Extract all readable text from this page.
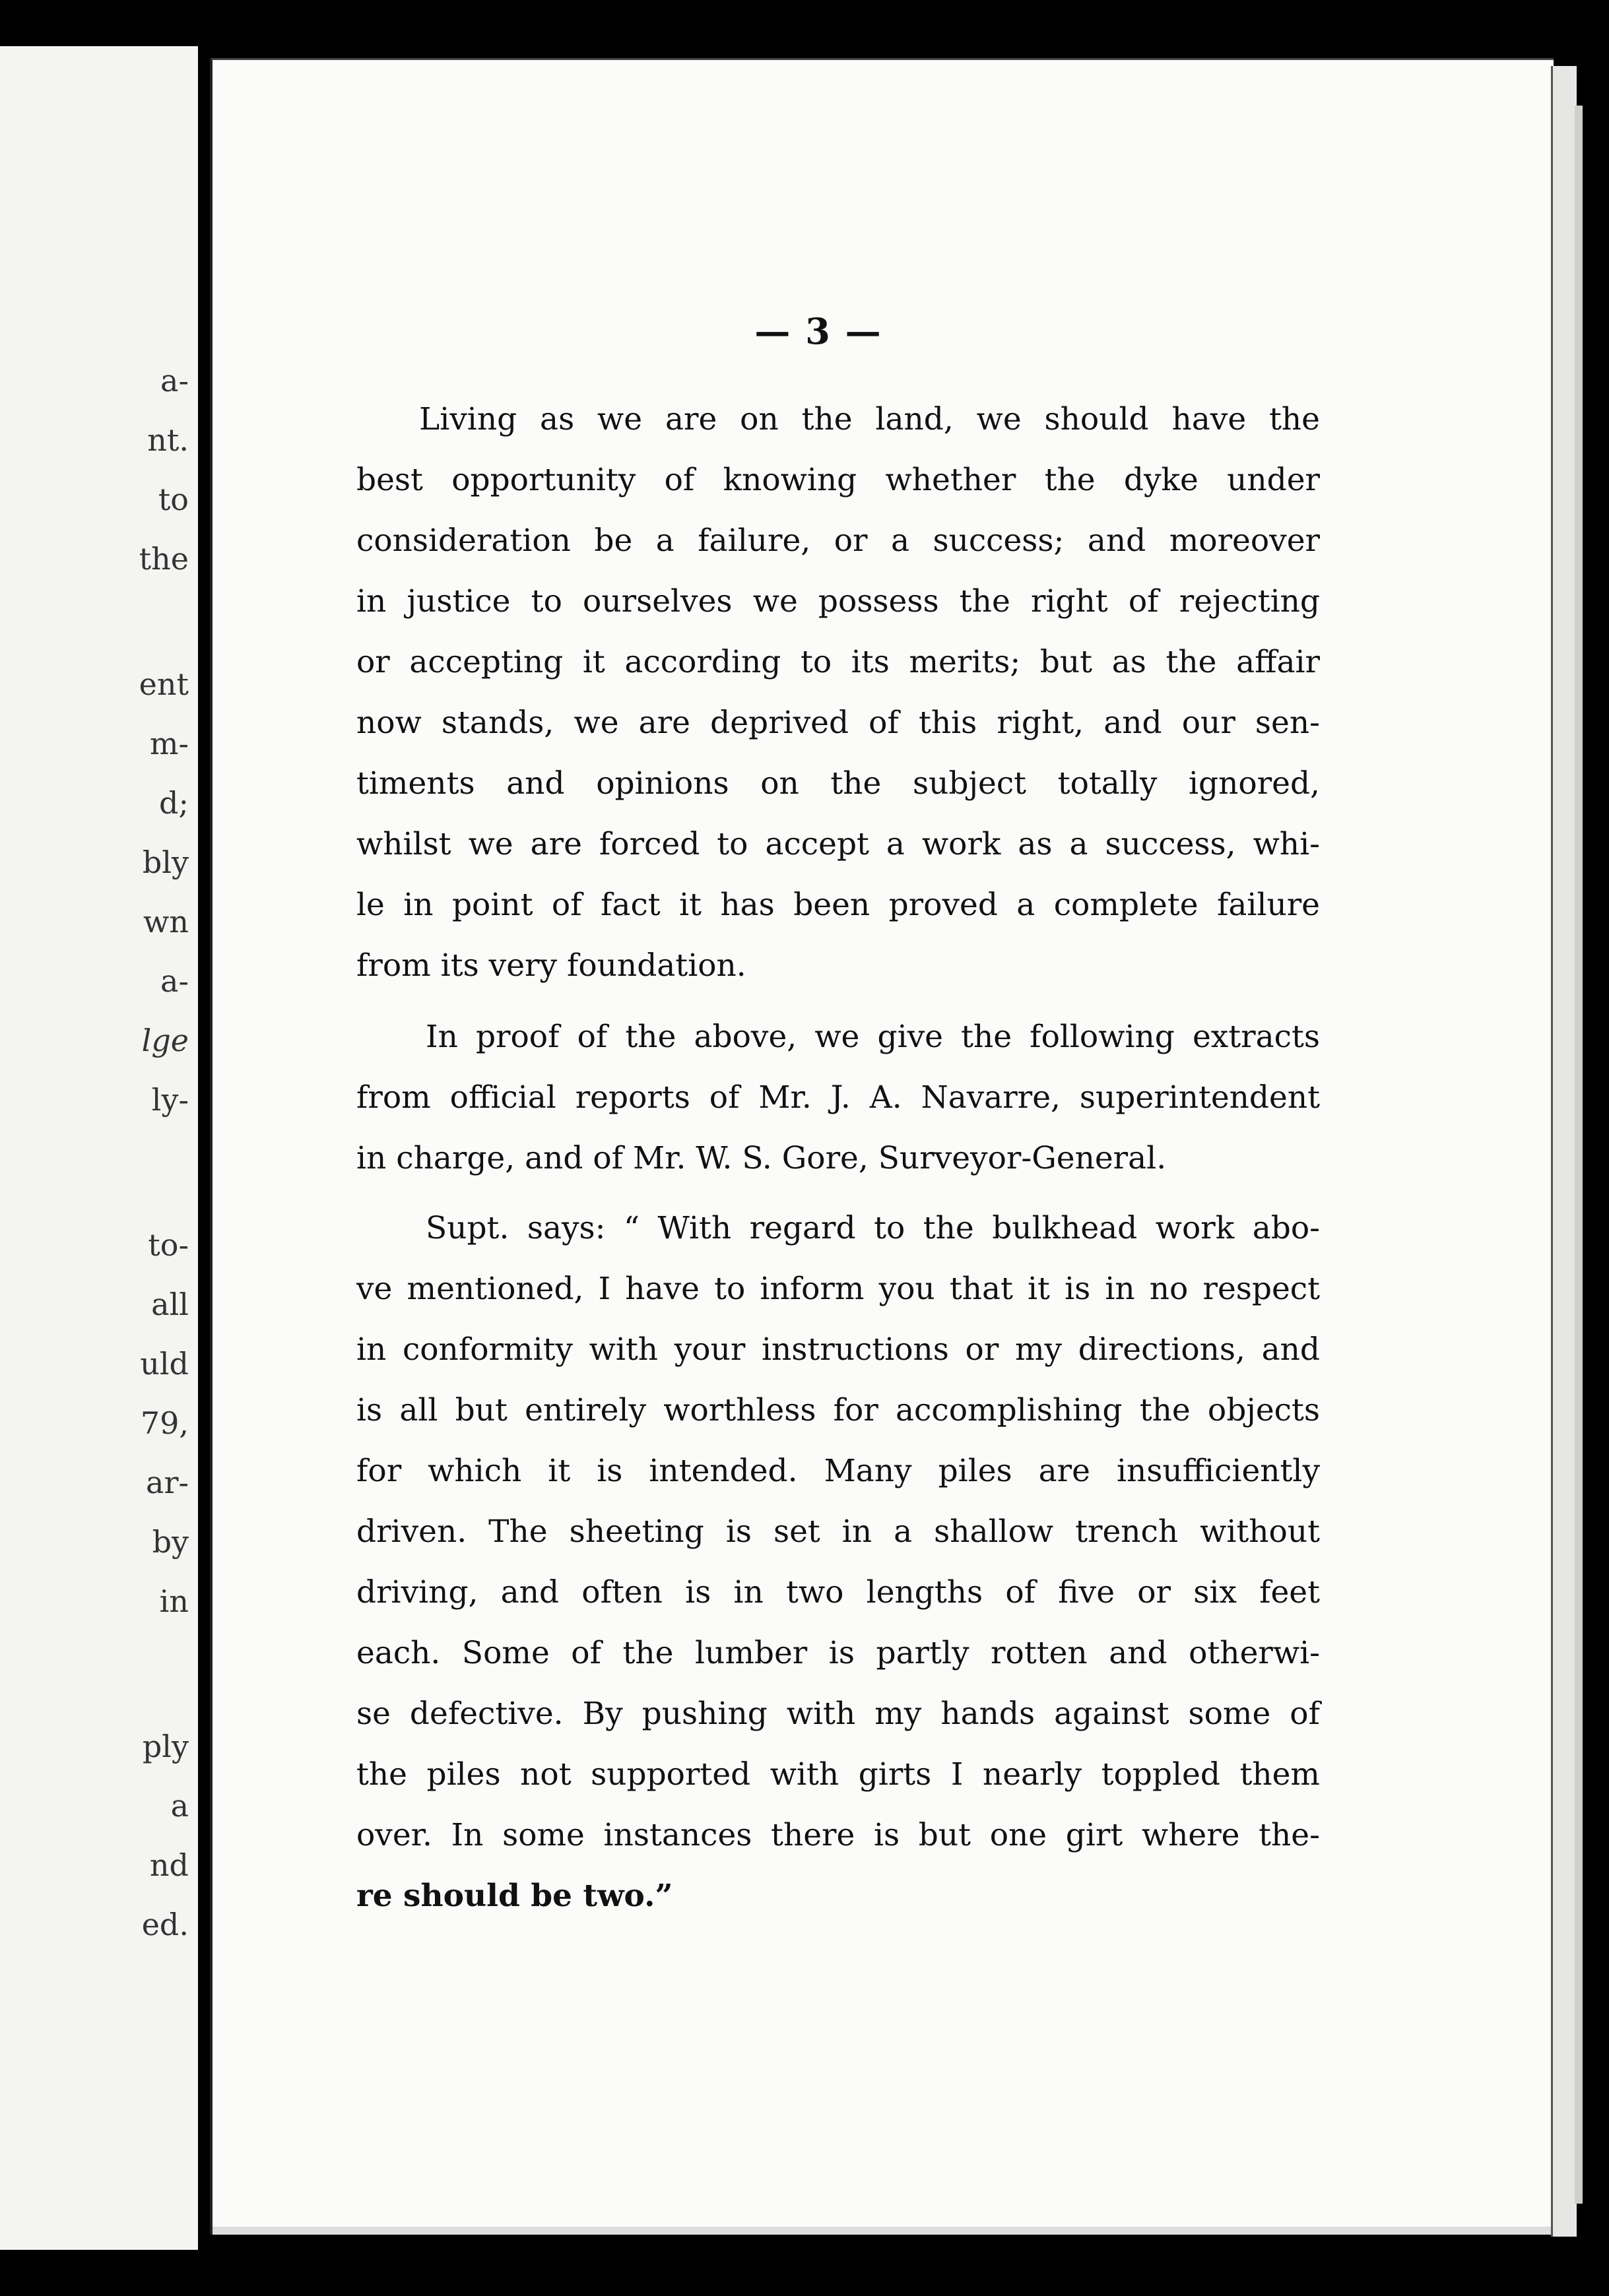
a-
nt.
to
the
ent
m-
d;
bly
wn
a-
lge
ly-
to-
all
uld
79,
ar-
by
in
ply
a
nd
ed.
— 3 —

Living as we are on the land, we should have the
best opportunity of knowing whether the dyke under
consideration be a failure, or a success; and moreover
in justice to ourselves we possess the right of rejecting
or accepting it according to its merits; but as the affair
now stands, we are deprived of this right, and our sen-
timents and opinions on the subject totally ignored,
whilst we are forced to accept a work as a success, whi-
le in point of fact it has been proved a complete failure
from its very foundation.

In proof of the above, we give the following extracts
from official reports of Mr. J. A. Navarre, superintendent
in charge, and of Mr. W. S. Gore, Surveyor-General.

Supt. says: “ With regard to the bulkhead work abo-
ve mentioned, I have to inform you that it is in no respect
in conformity with your instructions or my directions, and
is all but entirely worthless for accomplishing the objects
for which it is intended. Many piles are insufficiently
driven. The sheeting is set in a shallow trench without
driving, and often is in two lengths of five or six feet
each. Some of the lumber is partly rotten and otherwi-
se defective. By pushing with my hands against some of
the piles not supported with girts I nearly toppled them
over. In some instances there is but one girt where the-
re should be two.”
